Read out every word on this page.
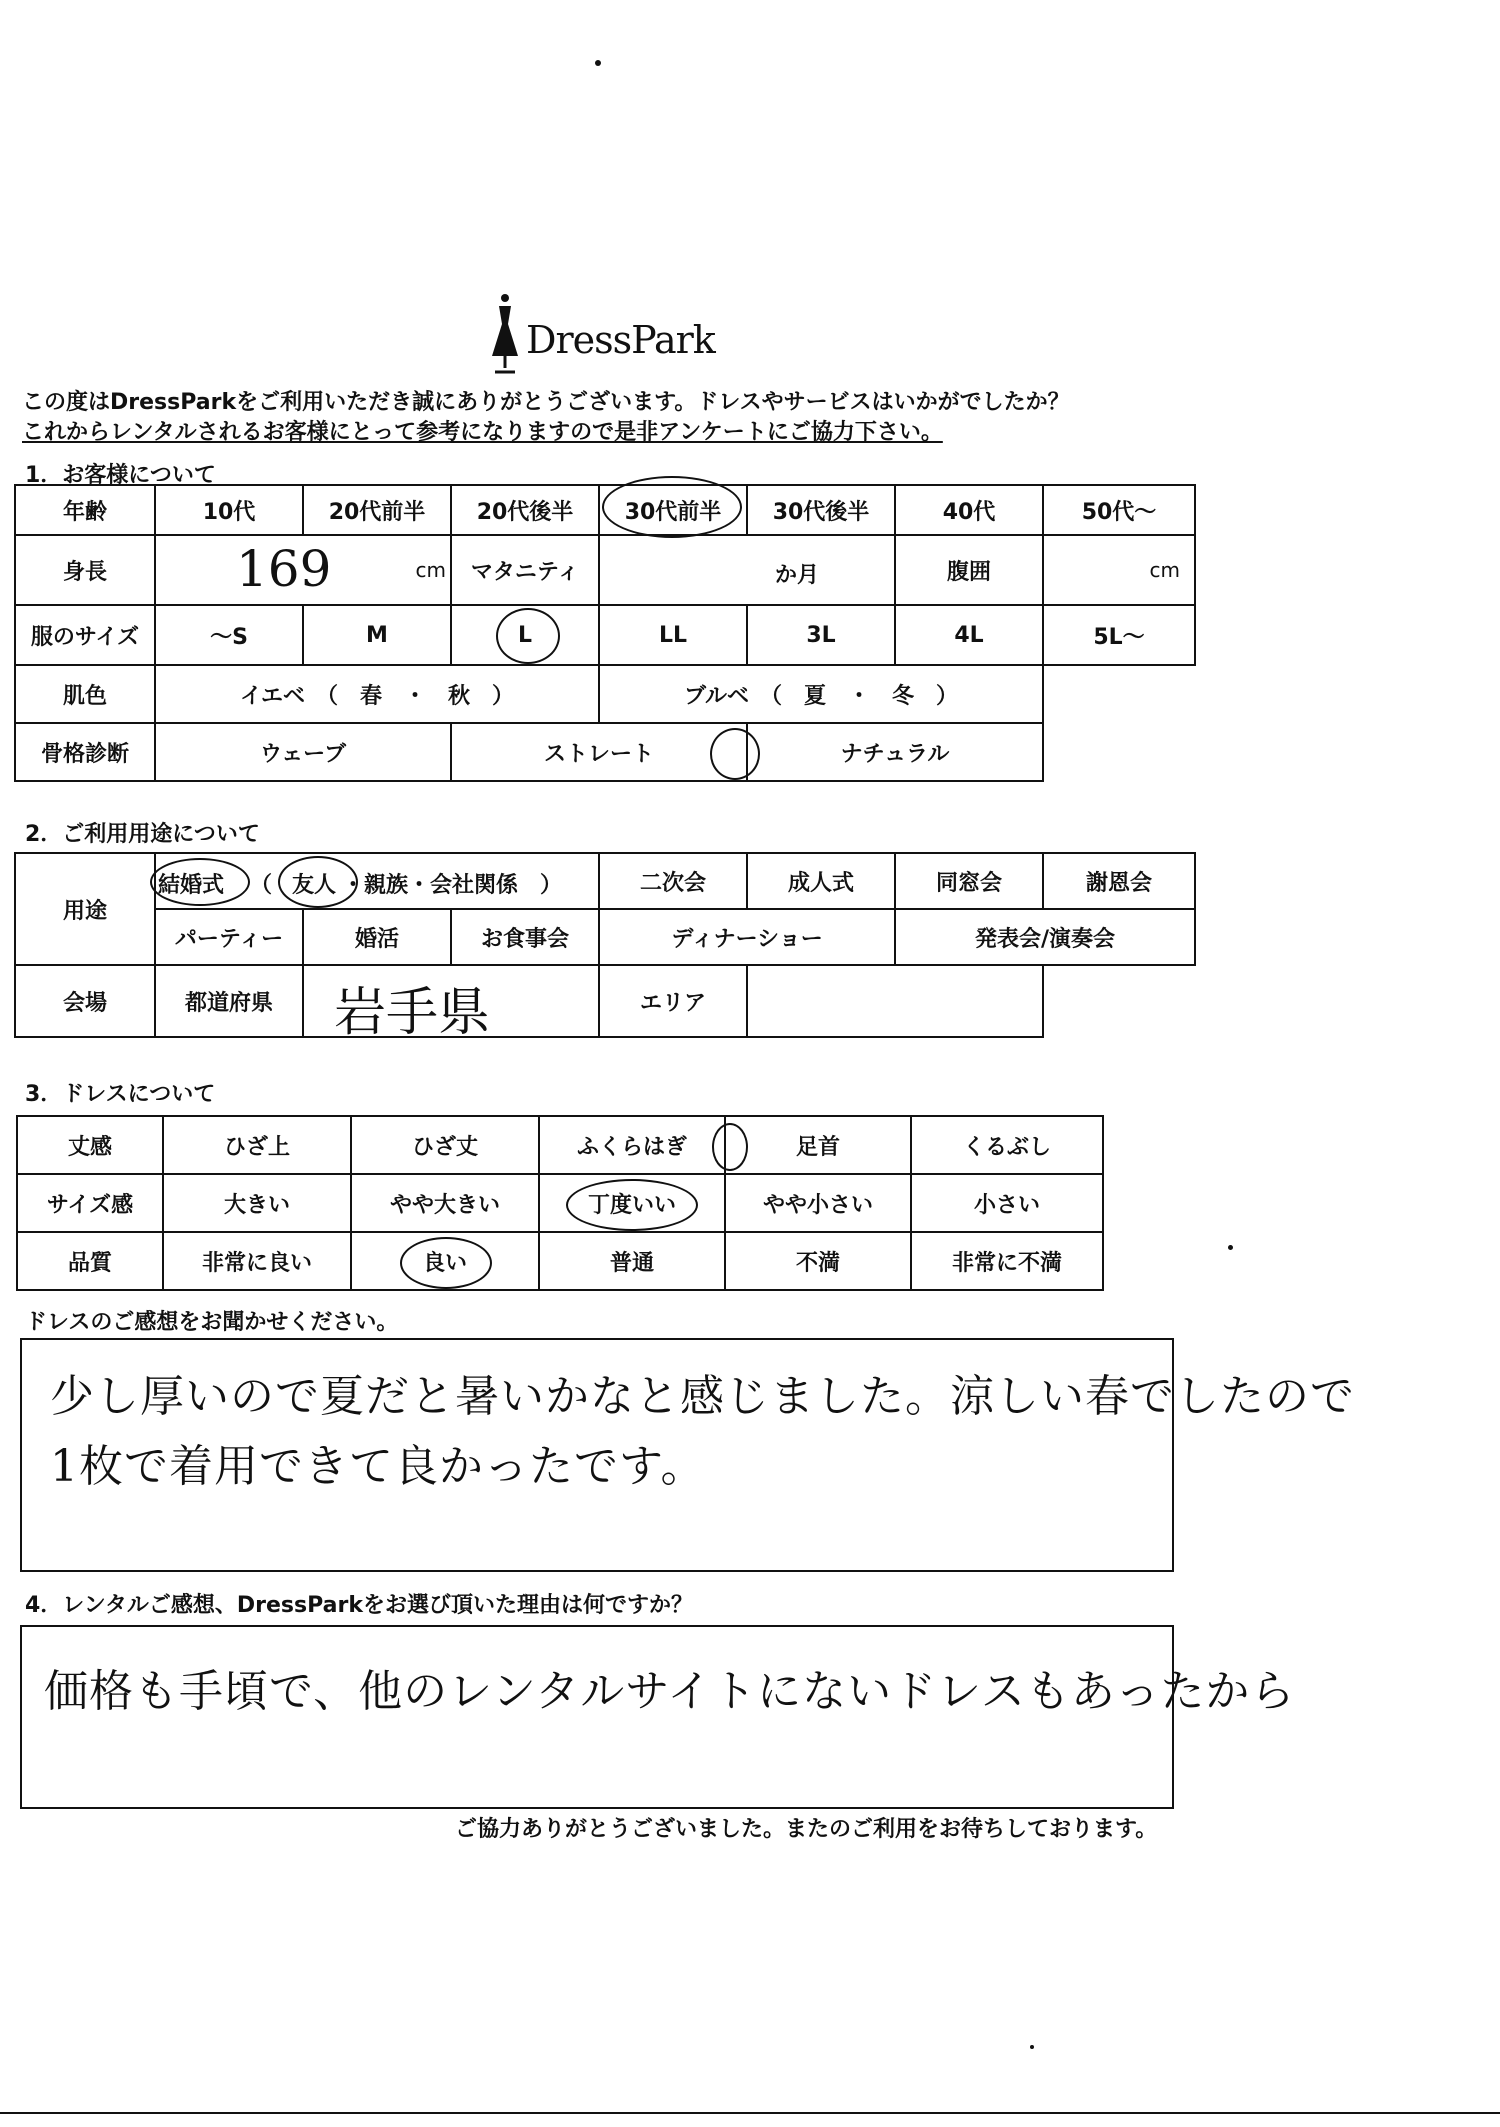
DressPark
この度はDressParkをご利用いただき誠にありがとうございます。ドレスやサービスはいかがでしたか？
これからレンタルされるお客様にとって参考になりますので是非アンケートにご協力下さい。
1．お客様について
年齢	10代	20代前半	20代後半	30代前半	30代後半	40代	50代～
身長	169 cm		マタニティ	か月		腹囲	cm

服のサイズ	～S	M	L	LL	3L	4L	5L～
肌色	イエベ　（　春　・　秋　）			ブルベ　（　夏　・　冬　）			
骨格診断	ウェーブ		ストレート		ナチュラル	

2．ご利用用途について
用途	結婚式 （ 友人 ・親族・会社関係　）			二次会	成人式	同窓会	謝恩会
	パーティー	婚活	お食事会	ディナーショー		発表会/演奏会	
会場	都道府県	岩手県		エリア			
3．ドレスについて
丈感	ひざ上	ひざ丈	ふくらはぎ	足首	くるぶし
サイズ感	大きい	やや大きい	丁度いい	やや小さい	小さい
品質	非常に良い	良い	普通	不満	非常に不満
ドレスのご感想をお聞かせください。
少し厚いので夏だと暑いかなと感じました。涼しい春でしたので
1枚で着用できて良かったです。
4．レンタルご感想、DressParkをお選び頂いた理由は何ですか？
価格も手頃で、他のレンタルサイトにないドレスもあったから
ご協力ありがとうございました。またのご利用をお待ちしております。
